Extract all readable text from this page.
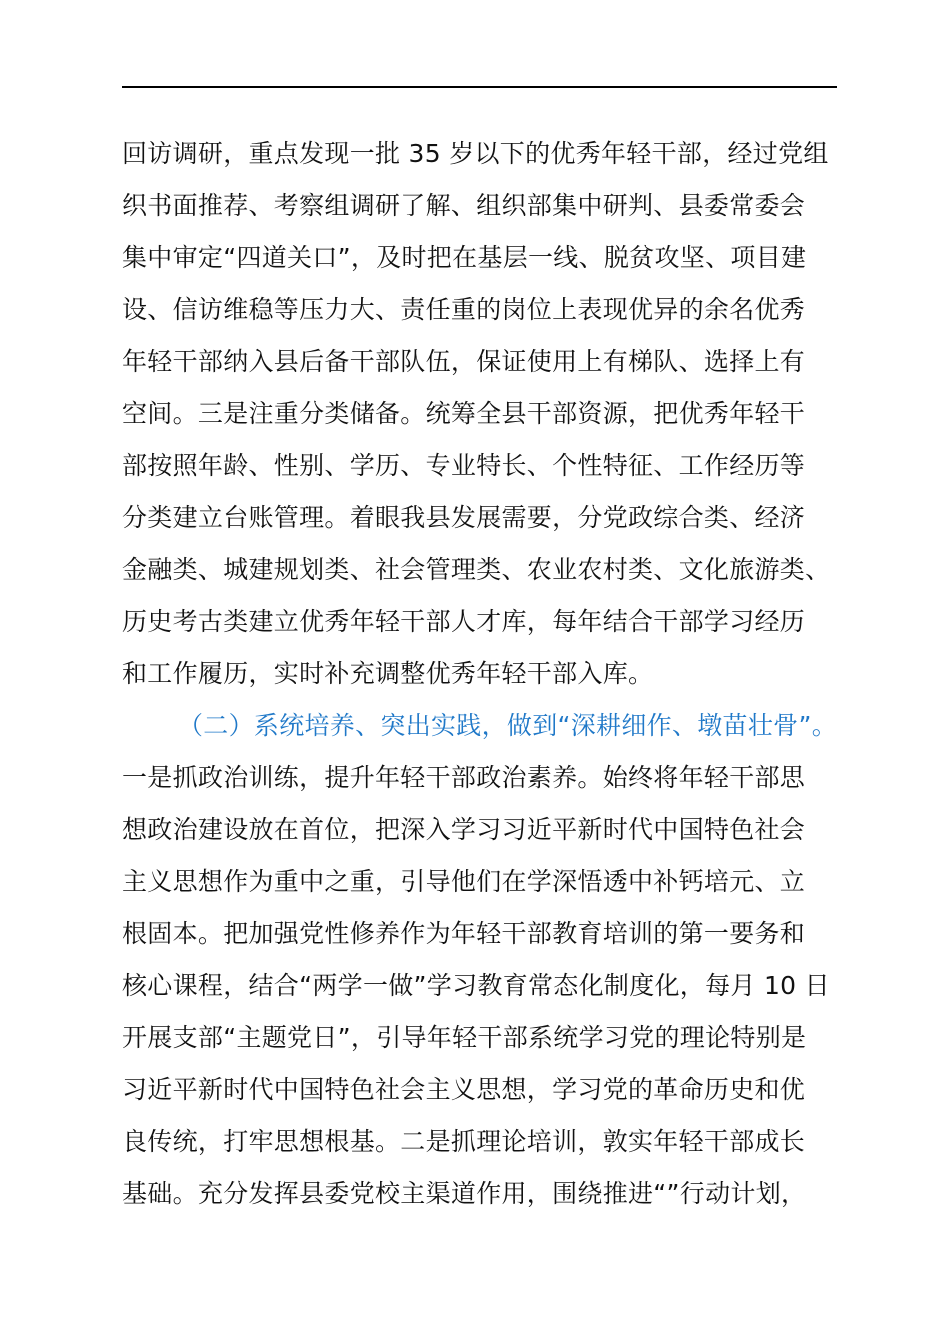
回访调研，重点发现一批 35 岁以下的优秀年轻干部，经过党组
织书面推荐、考察组调研了解、组织部集中研判、县委常委会
集中审定“四道关口”，及时把在基层一线、脱贫攻坚、项目建
设、信访维稳等压力大、责任重的岗位上表现优异的余名优秀
年轻干部纳入县后备干部队伍，保证使用上有梯队、选择上有
空间。三是注重分类储备。统筹全县干部资源，把优秀年轻干
部按照年龄、性别、学历、专业特长、个性特征、工作经历等
分类建立台账管理。着眼我县发展需要，分党政综合类、经济
金融类、城建规划类、社会管理类、农业农村类、文化旅游类、
历史考古类建立优秀年轻干部人才库，每年结合干部学习经历
和工作履历，实时补充调整优秀年轻干部入库。
（二）系统培养、突出实践，做到“深耕细作、墩苗壮骨”。
一是抓政治训练，提升年轻干部政治素养。始终将年轻干部思
想政治建设放在首位，把深入学习习近平新时代中国特色社会
主义思想作为重中之重，引导他们在学深悟透中补钙培元、立
根固本。把加强党性修养作为年轻干部教育培训的第一要务和
核心课程，结合“两学一做”学习教育常态化制度化，每月 10 日
开展支部“主题党日”，引导年轻干部系统学习党的理论特别是
习近平新时代中国特色社会主义思想，学习党的革命历史和优
良传统，打牢思想根基。二是抓理论培训，敦实年轻干部成长
基础。充分发挥县委党校主渠道作用，围绕推进“”行动计划，
